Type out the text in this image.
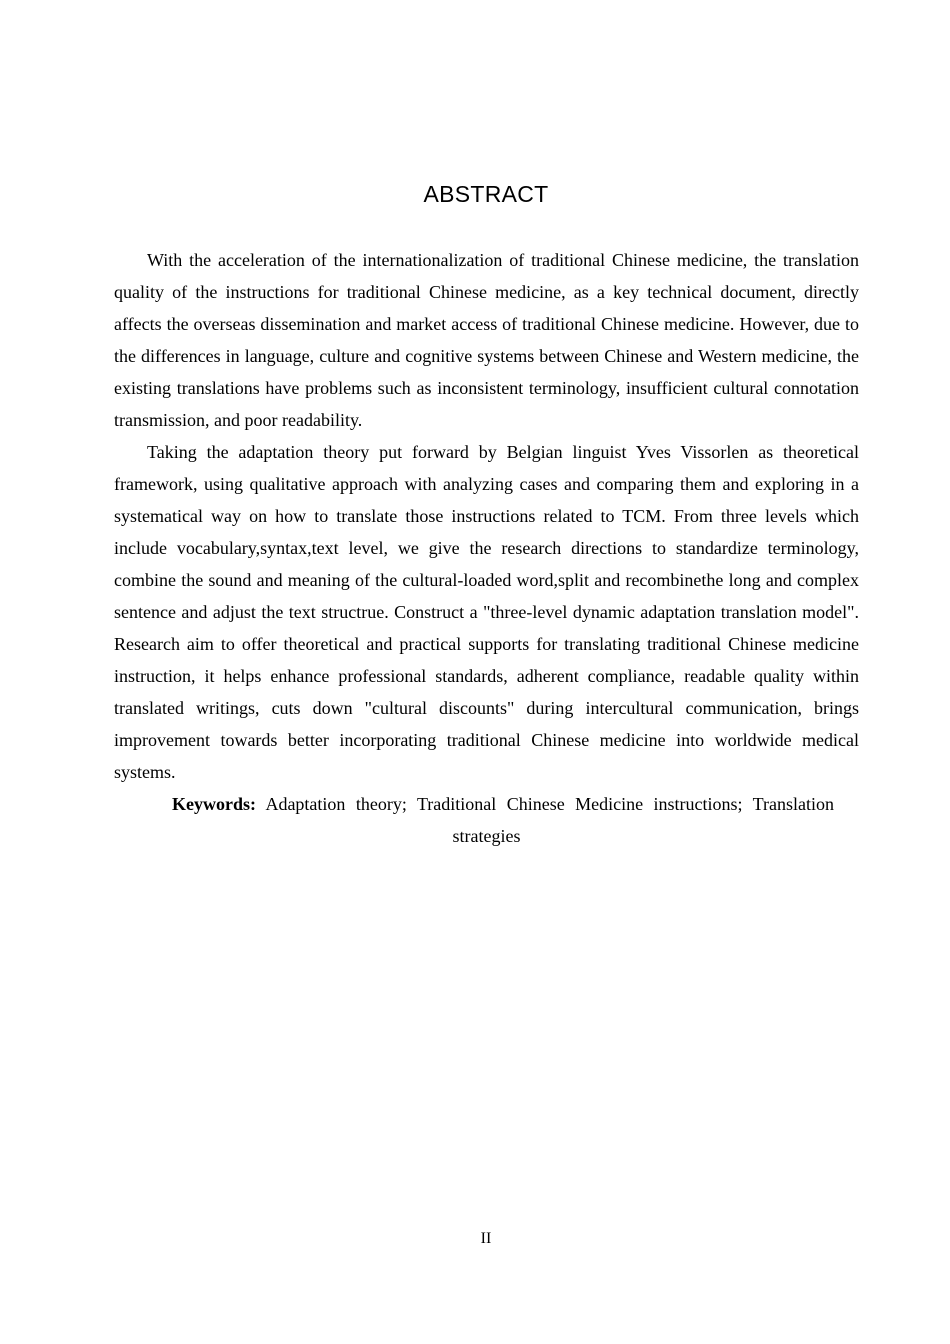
ABSTRACT

With the acceleration of the internationalization of traditional Chinese medicine, the translation quality of the instructions for traditional Chinese medicine, as a key technical document, directly affects the overseas dissemination and market access of traditional Chinese medicine. However, due to the differences in language, culture and cognitive systems between Chinese and Western medicine, the existing translations have problems such as inconsistent terminology, insufficient cultural connotation transmission, and poor readability.

Taking the adaptation theory put forward by Belgian linguist Yves Vissorlen as theoretical framework, using qualitative approach with analyzing cases and comparing them and exploring in a systematical way on how to translate those instructions related to TCM. From three levels which include vocabulary,syntax,text level, we give the research directions to standardize terminology, combine the sound and meaning of the cultural-loaded word,split and recombinethe long and complex sentence and adjust the text structrue. Construct a "three-level dynamic adaptation translation model". Research aim to offer theoretical and practical supports for translating traditional Chinese medicine instruction, it helps enhance professional standards, adherent compliance, readable quality within translated writings, cuts down "cultural discounts" during intercultural communication, brings improvement towards better incorporating traditional Chinese medicine into worldwide medical systems.

Keywords: Adaptation theory; Traditional Chinese Medicine instructions; Translation strategies

II
